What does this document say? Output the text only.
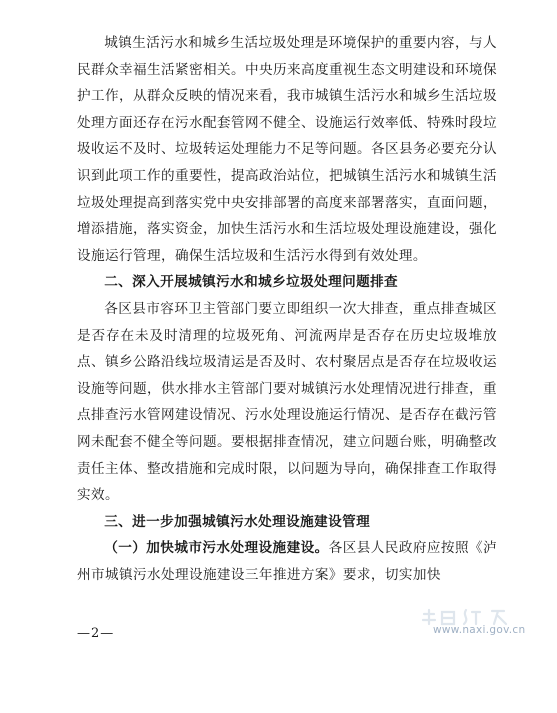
城镇生活污水和城乡生活垃圾处理是环境保护的重要内容，与人民群众幸福生活紧密相关。中央历来高度重视生态文明建设和环境保护工作，从群众反映的情况来看，我市城镇生活污水和城乡生活垃圾处理方面还存在污水配套管网不健全、设施运行效率低、特殊时段垃圾收运不及时、垃圾转运处理能力不足等问题。各区县务必要充分认识到此项工作的重要性，提高政治站位，把城镇生活污水和城镇生活垃圾处理提高到落实党中央安排部署的高度来部署落实，直面问题，增添措施，落实资金，加快生活污水和生活垃圾处理设施建设，强化设施运行管理，确保生活垃圾和生活污水得到有效处理。

二、深入开展城镇污水和城乡垃圾处理问题排查

各区县市容环卫主管部门要立即组织一次大排查，重点排查城区是否存在未及时清理的垃圾死角、河流两岸是否存在历史垃圾堆放点、镇乡公路沿线垃圾清运是否及时、农村聚居点是否存在垃圾收运设施等问题，供水排水主管部门要对城镇污水处理情况进行排查，重点排查污水管网建设情况、污水处理设施运行情况、是否存在截污管网未配套不健全等问题。要根据排查情况，建立问题台账，明确整改责任主体、整改措施和完成时限，以问题为导向，确保排查工作取得实效。

三、进一步加强城镇污水处理设施建设管理

（一）加快城市污水处理设施建设。各区县人民政府应按照《泸州市城镇污水处理设施建设三年推进方案》要求，切实加快

—2—	www.naxi.gov.cn
